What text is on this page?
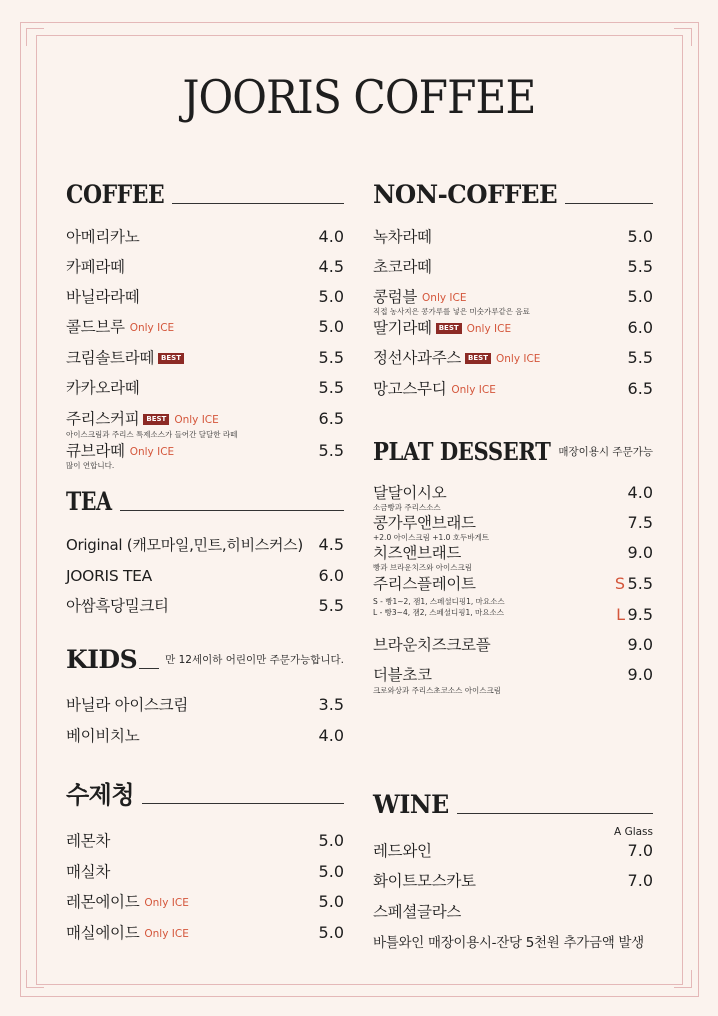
JOORIS COFFEE
COFFEE
아메리카노	4.0
카페라떼	4.5
바닐라라떼	5.0
콜드브루 Only ICE	5.0
크림솔트라떼 BEST	5.5
카카오라떼	5.5
주리스커피 BEST Only ICE	6.5
아이스크림과 주리스 특제소스가 들어간 달달한 라떼
큐브라떼 Only ICE	5.5
많이 연합니다.
TEA
Original (캐모마일,민트,히비스커스) 4.5
JOORIS TEA	6.0
아쌈흑당밀크티	5.5
KIDS	만 12세이하 어린이만 주문가능합니다.
바닐라 아이스크림	3.5
베이비치노	4.0
수제청
레몬차	5.0
매실차	5.0
레몬에이드 Only ICE	5.0
매실에이드 Only ICE	5.0
NON-COFFEE
녹차라떼	5.0
초코라떼	5.5
콩럼블 Only ICE	5.0
직접 농사지은 콩가루를 넣은 미숫가루같은 음료
딸기라떼 BEST Only ICE	6.0
정선사과주스 BEST Only ICE	5.5
망고스무디 Only ICE	6.5
PLAT DESSERT 매장이용시 주문가능
달달이시오	4.0
소금빵과 주리스소스
콩가루앤브래드	7.5
+2.0 아이스크림 +1.0 호두바게트
치즈앤브래드	9.0
빵과 브라운치즈와 아이스크림
주리스플레이트	S 5.5
S - 빵1~2, 잼1, 스페셜디핑1, 마요소스
L - 빵3~4, 잼2, 스페셜디핑1, 마요소스	L 9.5
브라운치즈크로플	9.0
더블초코	9.0
크로와상과 주리스초코소스 아이스크림
WINE
A Glass
레드와인	7.0
화이트모스카토	7.0
스페셜글라스
바틀와인 매장이용시-잔당 5천원 추가금액 발생
